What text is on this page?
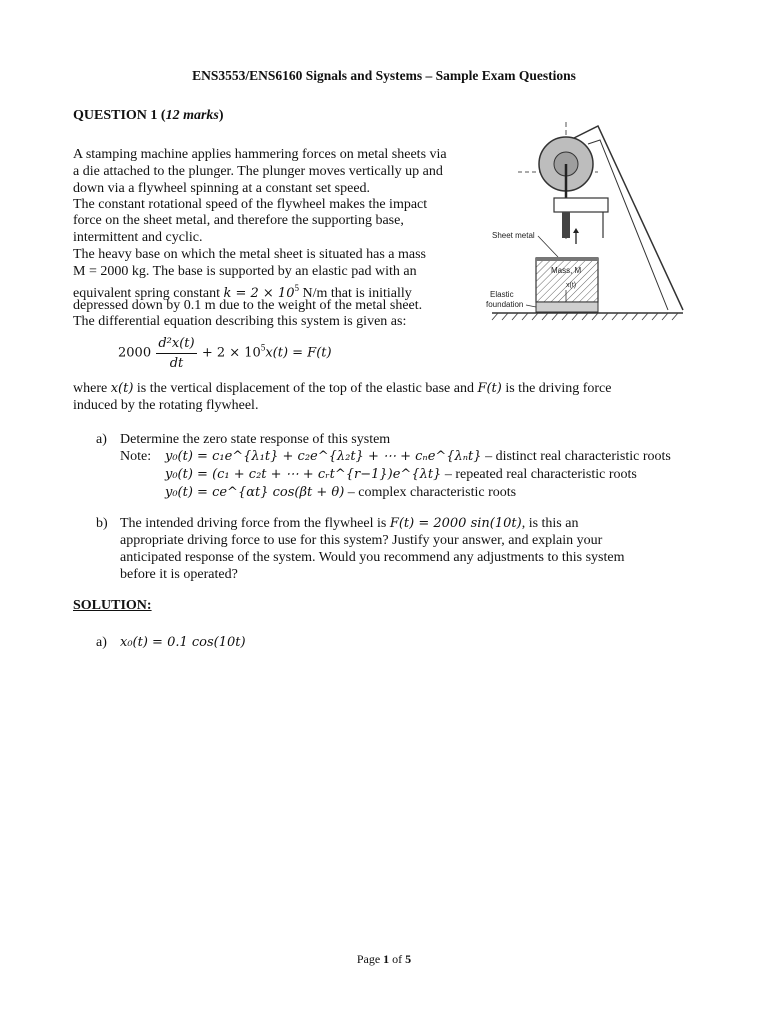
ENS3553/ENS6160 Signals and Systems – Sample Exam Questions
QUESTION 1 (12 marks)
A stamping machine applies hammering forces on metal sheets via
a die attached to the plunger. The plunger moves vertically up and
down via a flywheel spinning at a constant set speed.
The constant rotational speed of the flywheel makes the impact
force on the sheet metal, and therefore the supporting base,
intermittent and cyclic.
The heavy base on which the metal sheet is situated has a mass
M = 2000 kg. The base is supported by an elastic pad with an
equivalent spring constant $k = 2 \times 10^5$ N/m that is initially
depressed down by 0.1 m due to the weight of the metal sheet.
The differential equation describing this system is given as:
$2000 \frac{\text{d²x(t)}}{dt} + 2 \times 10^5x(t) = F(t)$
where x(t) is the vertical displacement of the top of the elastic base and F(t) is the driving force
induced by the rotating flywheel.
a) Determine the zero state response of this system
Note: y₀(t) = c₁e^{λ₁t} + c₂e^{λ₂t} + ⋯ + cₙe^{λₙt} – distinct real characteristic roots
y₀(t) = (c₁ + c₂t + ⋯ + cᵣt^{r−1})e^{λt} – repeated real characteristic roots
y₀(t) = ce^{αt} cos(βt + θ) – complex characteristic roots
b) The intended driving force from the flywheel is F(t) = 2000 sin(10t), is this an
appropriate driving force to use for this system? Justify your answer, and explain your
anticipated response of the system. Would you recommend any adjustments to this system
before it is operated?
SOLUTION:
a) x₀(t) = 0.1 cos(10t)
Sheet metal
Mass, M
x(t)
Elastic
foundation
Page 1 of 5
